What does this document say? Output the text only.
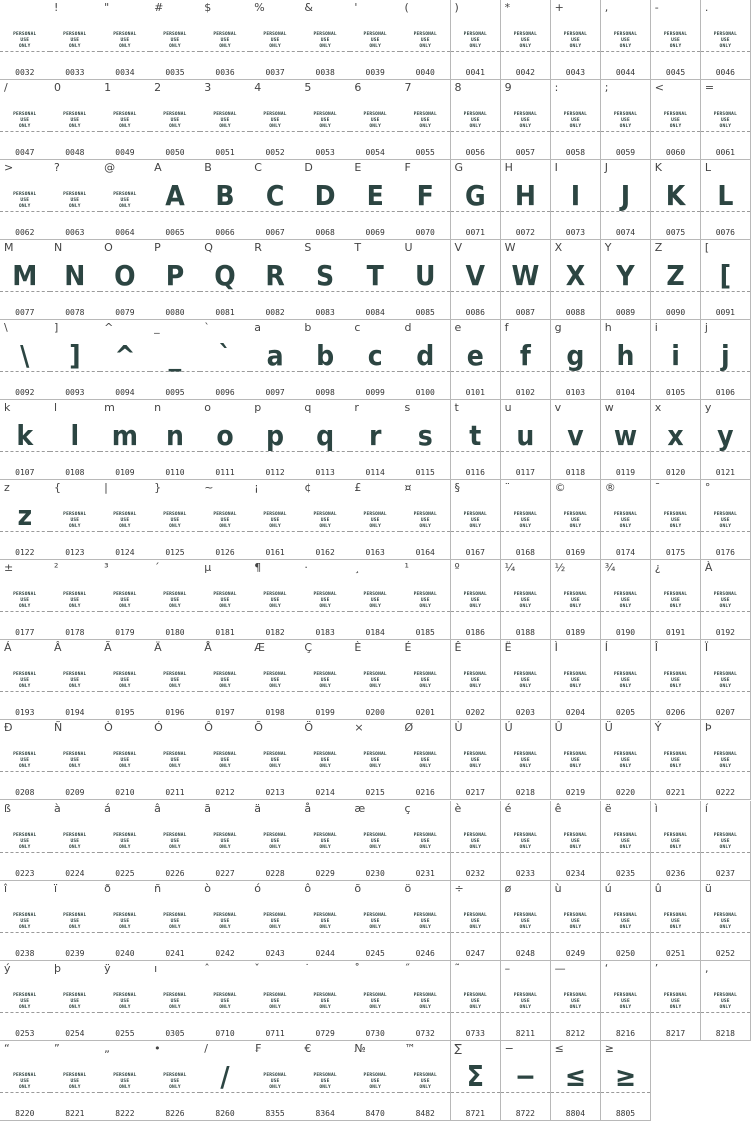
PERSONAL
USE
ONLY
0032
!
PERSONAL
USE
ONLY
0033
"
PERSONAL
USE
ONLY
0034
#
PERSONAL
USE
ONLY
0035
$
PERSONAL
USE
ONLY
0036
%
PERSONAL
USE
ONLY
0037
&
PERSONAL
USE
ONLY
0038
'
PERSONAL
USE
ONLY
0039
(
PERSONAL
USE
ONLY
0040
)
PERSONAL
USE
ONLY
0041
*
PERSONAL
USE
ONLY
0042
+
PERSONAL
USE
ONLY
0043
,
PERSONAL
USE
ONLY
0044
-
PERSONAL
USE
ONLY
0045
.
PERSONAL
USE
ONLY
0046
/
PERSONAL
USE
ONLY
0047
0
PERSONAL
USE
ONLY
0048
1
PERSONAL
USE
ONLY
0049
2
PERSONAL
USE
ONLY
0050
3
PERSONAL
USE
ONLY
0051
4
PERSONAL
USE
ONLY
0052
5
PERSONAL
USE
ONLY
0053
6
PERSONAL
USE
ONLY
0054
7
PERSONAL
USE
ONLY
0055
8
PERSONAL
USE
ONLY
0056
9
PERSONAL
USE
ONLY
0057
:
PERSONAL
USE
ONLY
0058
;
PERSONAL
USE
ONLY
0059
<
PERSONAL
USE
ONLY
0060
=
PERSONAL
USE
ONLY
0061
>
PERSONAL
USE
ONLY
0062
?
PERSONAL
USE
ONLY
0063
@
PERSONAL
USE
ONLY
0064
A
A
0065
B
B
0066
C
C
0067
D
D
0068
E
E
0069
F
F
0070
G
G
0071
H
H
0072
I
I
0073
J
J
0074
K
K
0075
L
L
0076
M
M
0077
N
N
0078
O
O
0079
P
P
0080
Q
Q
0081
R
R
0082
S
S
0083
T
T
0084
U
U
0085
V
V
0086
W
W
0087
X
X
0088
Y
Y
0089
Z
Z
0090
[
[
0091
\
\
0092
]
]
0093
^
^
0094
_
_
0095
`
`
0096
a
a
0097
b
b
0098
c
c
0099
d
d
0100
e
e
0101
f
f
0102
g
g
0103
h
h
0104
i
i
0105
j
j
0106
k
k
0107
l
l
0108
m
m
0109
n
n
0110
o
o
0111
p
p
0112
q
q
0113
r
r
0114
s
s
0115
t
t
0116
u
u
0117
v
v
0118
w
w
0119
x
x
0120
y
y
0121
z
z
0122
{
PERSONAL
USE
ONLY
0123
|
PERSONAL
USE
ONLY
0124
}
PERSONAL
USE
ONLY
0125
~
PERSONAL
USE
ONLY
0126
¡
PERSONAL
USE
ONLY
0161
¢
PERSONAL
USE
ONLY
0162
£
PERSONAL
USE
ONLY
0163
¤
PERSONAL
USE
ONLY
0164
§
PERSONAL
USE
ONLY
0167
¨
PERSONAL
USE
ONLY
0168
©
PERSONAL
USE
ONLY
0169
®
PERSONAL
USE
ONLY
0174
¯
PERSONAL
USE
ONLY
0175
°
PERSONAL
USE
ONLY
0176
±
PERSONAL
USE
ONLY
0177
²
PERSONAL
USE
ONLY
0178
³
PERSONAL
USE
ONLY
0179
´
PERSONAL
USE
ONLY
0180
µ
PERSONAL
USE
ONLY
0181
¶
PERSONAL
USE
ONLY
0182
·
PERSONAL
USE
ONLY
0183
¸
PERSONAL
USE
ONLY
0184
¹
PERSONAL
USE
ONLY
0185
º
PERSONAL
USE
ONLY
0186
¼
PERSONAL
USE
ONLY
0188
½
PERSONAL
USE
ONLY
0189
¾
PERSONAL
USE
ONLY
0190
¿
PERSONAL
USE
ONLY
0191
À
PERSONAL
USE
ONLY
0192
Á
PERSONAL
USE
ONLY
0193
Â
PERSONAL
USE
ONLY
0194
Ã
PERSONAL
USE
ONLY
0195
Ä
PERSONAL
USE
ONLY
0196
Å
PERSONAL
USE
ONLY
0197
Æ
PERSONAL
USE
ONLY
0198
Ç
PERSONAL
USE
ONLY
0199
È
PERSONAL
USE
ONLY
0200
É
PERSONAL
USE
ONLY
0201
Ê
PERSONAL
USE
ONLY
0202
Ë
PERSONAL
USE
ONLY
0203
Ì
PERSONAL
USE
ONLY
0204
Í
PERSONAL
USE
ONLY
0205
Î
PERSONAL
USE
ONLY
0206
Ï
PERSONAL
USE
ONLY
0207
Ð
PERSONAL
USE
ONLY
0208
Ñ
PERSONAL
USE
ONLY
0209
Ò
PERSONAL
USE
ONLY
0210
Ó
PERSONAL
USE
ONLY
0211
Ô
PERSONAL
USE
ONLY
0212
Õ
PERSONAL
USE
ONLY
0213
Ö
PERSONAL
USE
ONLY
0214
×
PERSONAL
USE
ONLY
0215
Ø
PERSONAL
USE
ONLY
0216
Ù
PERSONAL
USE
ONLY
0217
Ú
PERSONAL
USE
ONLY
0218
Û
PERSONAL
USE
ONLY
0219
Ü
PERSONAL
USE
ONLY
0220
Ý
PERSONAL
USE
ONLY
0221
Þ
PERSONAL
USE
ONLY
0222
ß
PERSONAL
USE
ONLY
0223
à
PERSONAL
USE
ONLY
0224
á
PERSONAL
USE
ONLY
0225
â
PERSONAL
USE
ONLY
0226
ã
PERSONAL
USE
ONLY
0227
ä
PERSONAL
USE
ONLY
0228
å
PERSONAL
USE
ONLY
0229
æ
PERSONAL
USE
ONLY
0230
ç
PERSONAL
USE
ONLY
0231
è
PERSONAL
USE
ONLY
0232
é
PERSONAL
USE
ONLY
0233
ê
PERSONAL
USE
ONLY
0234
ë
PERSONAL
USE
ONLY
0235
ì
PERSONAL
USE
ONLY
0236
í
PERSONAL
USE
ONLY
0237
î
PERSONAL
USE
ONLY
0238
ï
PERSONAL
USE
ONLY
0239
ð
PERSONAL
USE
ONLY
0240
ñ
PERSONAL
USE
ONLY
0241
ò
PERSONAL
USE
ONLY
0242
ó
PERSONAL
USE
ONLY
0243
ô
PERSONAL
USE
ONLY
0244
õ
PERSONAL
USE
ONLY
0245
ö
PERSONAL
USE
ONLY
0246
÷
PERSONAL
USE
ONLY
0247
ø
PERSONAL
USE
ONLY
0248
ù
PERSONAL
USE
ONLY
0249
ú
PERSONAL
USE
ONLY
0250
û
PERSONAL
USE
ONLY
0251
ü
PERSONAL
USE
ONLY
0252
ý
PERSONAL
USE
ONLY
0253
þ
PERSONAL
USE
ONLY
0254
ÿ
PERSONAL
USE
ONLY
0255
ı
PERSONAL
USE
ONLY
0305
ˆ
PERSONAL
USE
ONLY
0710
ˇ
PERSONAL
USE
ONLY
0711
˙
PERSONAL
USE
ONLY
0729
˚
PERSONAL
USE
ONLY
0730
˝
PERSONAL
USE
ONLY
0732
˜
PERSONAL
USE
ONLY
0733
–
PERSONAL
USE
ONLY
8211
—
PERSONAL
USE
ONLY
8212
‘
PERSONAL
USE
ONLY
8216
’
PERSONAL
USE
ONLY
8217
‚
PERSONAL
USE
ONLY
8218
“
PERSONAL
USE
ONLY
8220
”
PERSONAL
USE
ONLY
8221
„
PERSONAL
USE
ONLY
8222
•
PERSONAL
USE
ONLY
8226
/
/
8260
₣
PERSONAL
USE
ONLY
8355
€
PERSONAL
USE
ONLY
8364
№
PERSONAL
USE
ONLY
8470
™
PERSONAL
USE
ONLY
8482
∑
Σ
8721
−
−
8722
≤
≤
8804
≥
≥
8805
